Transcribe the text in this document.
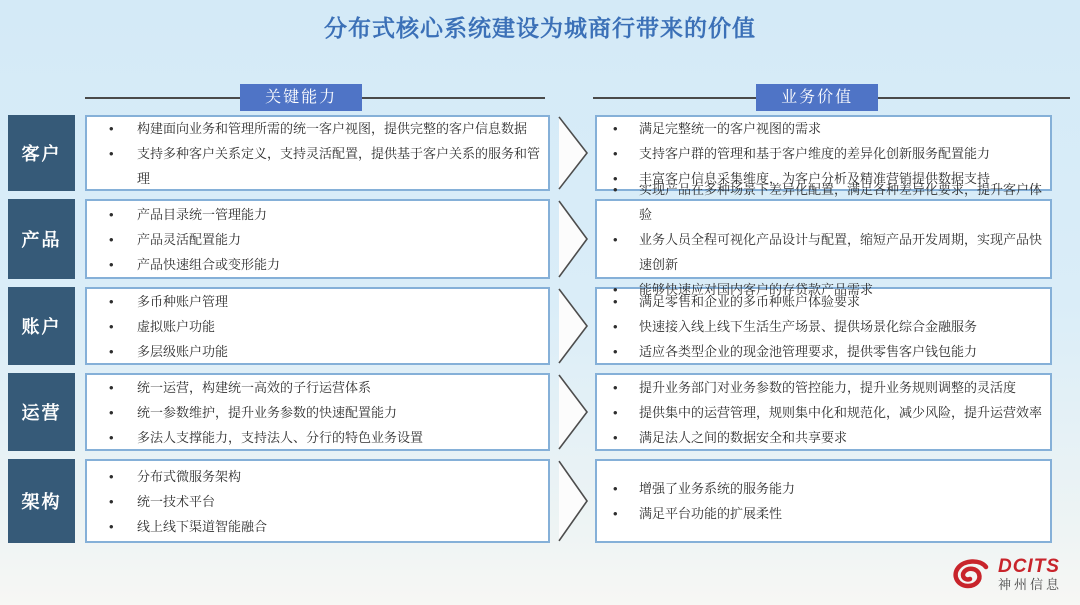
分布式核心系统建设为城商行带来的价值
关键能力	业务价值
客户
• 构建面向业务和管理所需的统一客户视图，提供完整的客户信息数据
• 支持多种客户关系定义，支持灵活配置，提供基于客户关系的服务和管理
• 满足完整统一的客户视图的需求
• 支持客户群的管理和基于客户维度的差异化创新服务配置能力
• 丰富客户信息采集维度，为客户分析及精准营销提供数据支持
产品
• 产品目录统一管理能力
• 产品灵活配置能力
• 产品快速组合或变形能力
• 实现产品在多种场景下差异化配置，满足各种差异化要求，提升客户体验
• 业务人员全程可视化产品设计与配置，缩短产品开发周期，实现产品快速创新
• 能够快速应对国内客户的存贷款产品需求
账户
• 多币种账户管理
• 虚拟账户功能
• 多层级账户功能
• 满足零售和企业的多币种账户体验要求
• 快速接入线上线下生活生产场景、提供场景化综合金融服务
• 适应各类型企业的现金池管理要求，提供零售客户钱包能力
运营
• 统一运营，构建统一高效的子行运营体系
• 统一参数维护，提升业务参数的快速配置能力
• 多法人支撑能力，支持法人、分行的特色业务设置
• 提升业务部门对业务参数的管控能力，提升业务规则调整的灵活度
• 提供集中的运营管理，规则集中化和规范化，减少风险，提升运营效率
• 满足法人之间的数据安全和共享要求
架构
• 分布式微服务架构
• 统一技术平台
• 线上线下渠道智能融合
• 增强了业务系统的服务能力
• 满足平台功能的扩展柔性
DCITS
神州信息
